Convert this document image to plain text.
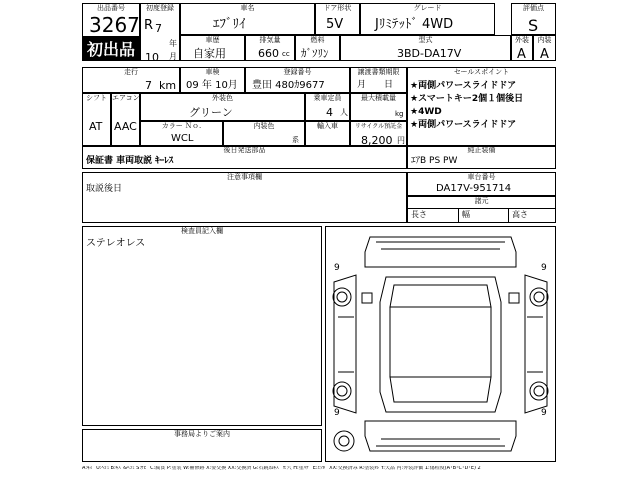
出品番号
3267
初出品
初度登録
R 7
年
10 月
車名
ｴﾌﾞﾘｲ
ドア形状
5V
グレード
Jﾘﾐﾃｯﾄﾞ 4WD
評価点
S
車歴
自家用
排気量
660 cc
燃料
ｶﾞｿﾘﾝ
型式
3BD-DA17V
外装
A
内装
A
走行
7 km
車検
09 年 10月
登録番号
豊田 480ｶ9677
譲渡書類期限
月　　日
セールスポイント
★両側パワースライドドア
★スマートキー2個１個後日
★4WD
★両側パワースライドドア
シフト
AT
エアコン
AAC
外装色
グリーン
乗車定員
4 人
最大積載量
kg
カラー Ｎｏ.
WCL
内装色
系
輸入車	リサイクル預託金
8,200 円
後日発送部品
保証書 車両取説 ｷｰﾚｽ
純正装備
ｴｱB PS PW
注意事項欄
取説後日
車台番号
DA17V-951714
諸元
長さ	幅	高さ
検査員記入欄
ステレオレス
事務局よりご案内
9	9
9	9
A:ｷｽﾞ U:ﾍｺﾐ B:ｷｽﾞ&ﾍｺﾐ S:ｻﾋﾞ C:腐食 P:塗装 W:補修跡 X:要交換 XX:交換済 G:石跳ねｷｽﾞ Y:穴 H:塗ﾊｹﾞ E:ｴｸﾎﾞ XX:交換済み R:塗装ﾀﾚ Y:欠品 内:外装評価 1:傷程度(A･B･C･D･E) 2
